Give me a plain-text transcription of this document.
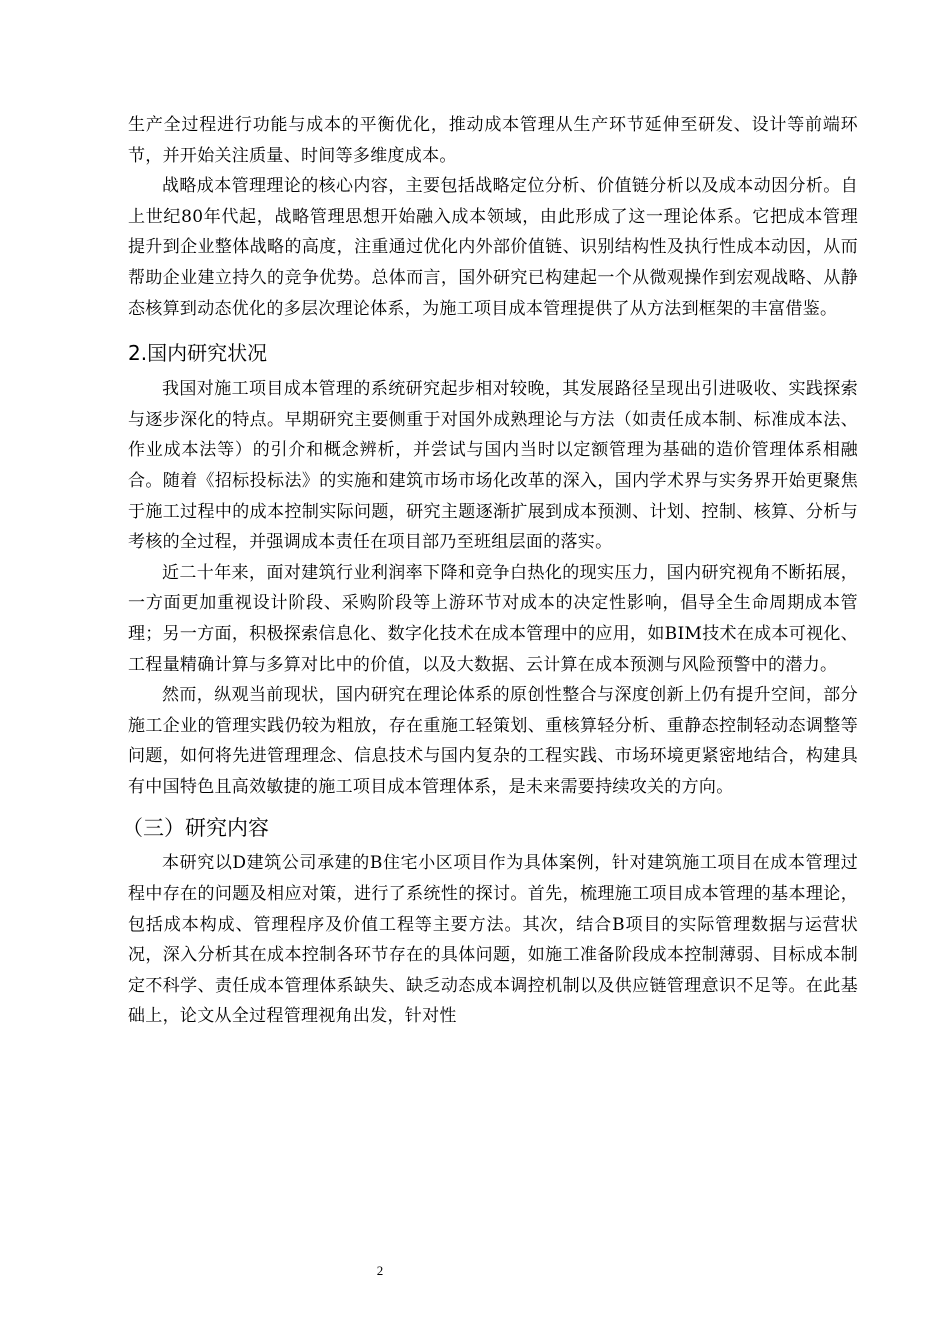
生产全过程进行功能与成本的平衡优化，推动成本管理从生产环节延伸至研发、设计等前端环节，并开始关注质量、时间等多维度成本。

战略成本管理理论的核心内容，主要包括战略定位分析、价值链分析以及成本动因分析。自上世纪80年代起，战略管理思想开始融入成本领域，由此形成了这一理论体系。它把成本管理提升到企业整体战略的高度，注重通过优化内外部价值链、识别结构性及执行性成本动因，从而帮助企业建立持久的竞争优势。总体而言，国外研究已构建起一个从微观操作到宏观战略、从静态核算到动态优化的多层次理论体系，为施工项目成本管理提供了从方法到框架的丰富借鉴。

2.国内研究状况

我国对施工项目成本管理的系统研究起步相对较晚，其发展路径呈现出引进吸收、实践探索与逐步深化的特点。早期研究主要侧重于对国外成熟理论与方法（如责任成本制、标准成本法、作业成本法等）的引介和概念辨析，并尝试与国内当时以定额管理为基础的造价管理体系相融合。随着《招标投标法》的实施和建筑市场市场化改革的深入，国内学术界与实务界开始更聚焦于施工过程中的成本控制实际问题，研究主题逐渐扩展到成本预测、计划、控制、核算、分析与考核的全过程，并强调成本责任在项目部乃至班组层面的落实。

近二十年来，面对建筑行业利润率下降和竞争白热化的现实压力，国内研究视角不断拓展，一方面更加重视设计阶段、采购阶段等上游环节对成本的决定性影响，倡导全生命周期成本管理；另一方面，积极探索信息化、数字化技术在成本管理中的应用，如BIM技术在成本可视化、工程量精确计算与多算对比中的价值，以及大数据、云计算在成本预测与风险预警中的潜力。

然而，纵观当前现状，国内研究在理论体系的原创性整合与深度创新上仍有提升空间，部分施工企业的管理实践仍较为粗放，存在重施工轻策划、重核算轻分析、重静态控制轻动态调整等问题，如何将先进管理理念、信息技术与国内复杂的工程实践、市场环境更紧密地结合，构建具有中国特色且高效敏捷的施工项目成本管理体系，是未来需要持续攻关的方向。

（三）研究内容

本研究以D建筑公司承建的B住宅小区项目作为具体案例，针对建筑施工项目在成本管理过程中存在的问题及相应对策，进行了系统性的探讨。首先，梳理施工项目成本管理的基本理论，包括成本构成、管理程序及价值工程等主要方法。其次，结合B项目的实际管理数据与运营状况，深入分析其在成本控制各环节存在的具体问题，如施工准备阶段成本控制薄弱、目标成本制定不科学、责任成本管理体系缺失、缺乏动态成本调控机制以及供应链管理意识不足等。在此基础上，论文从全过程管理视角出发，针对性

2
